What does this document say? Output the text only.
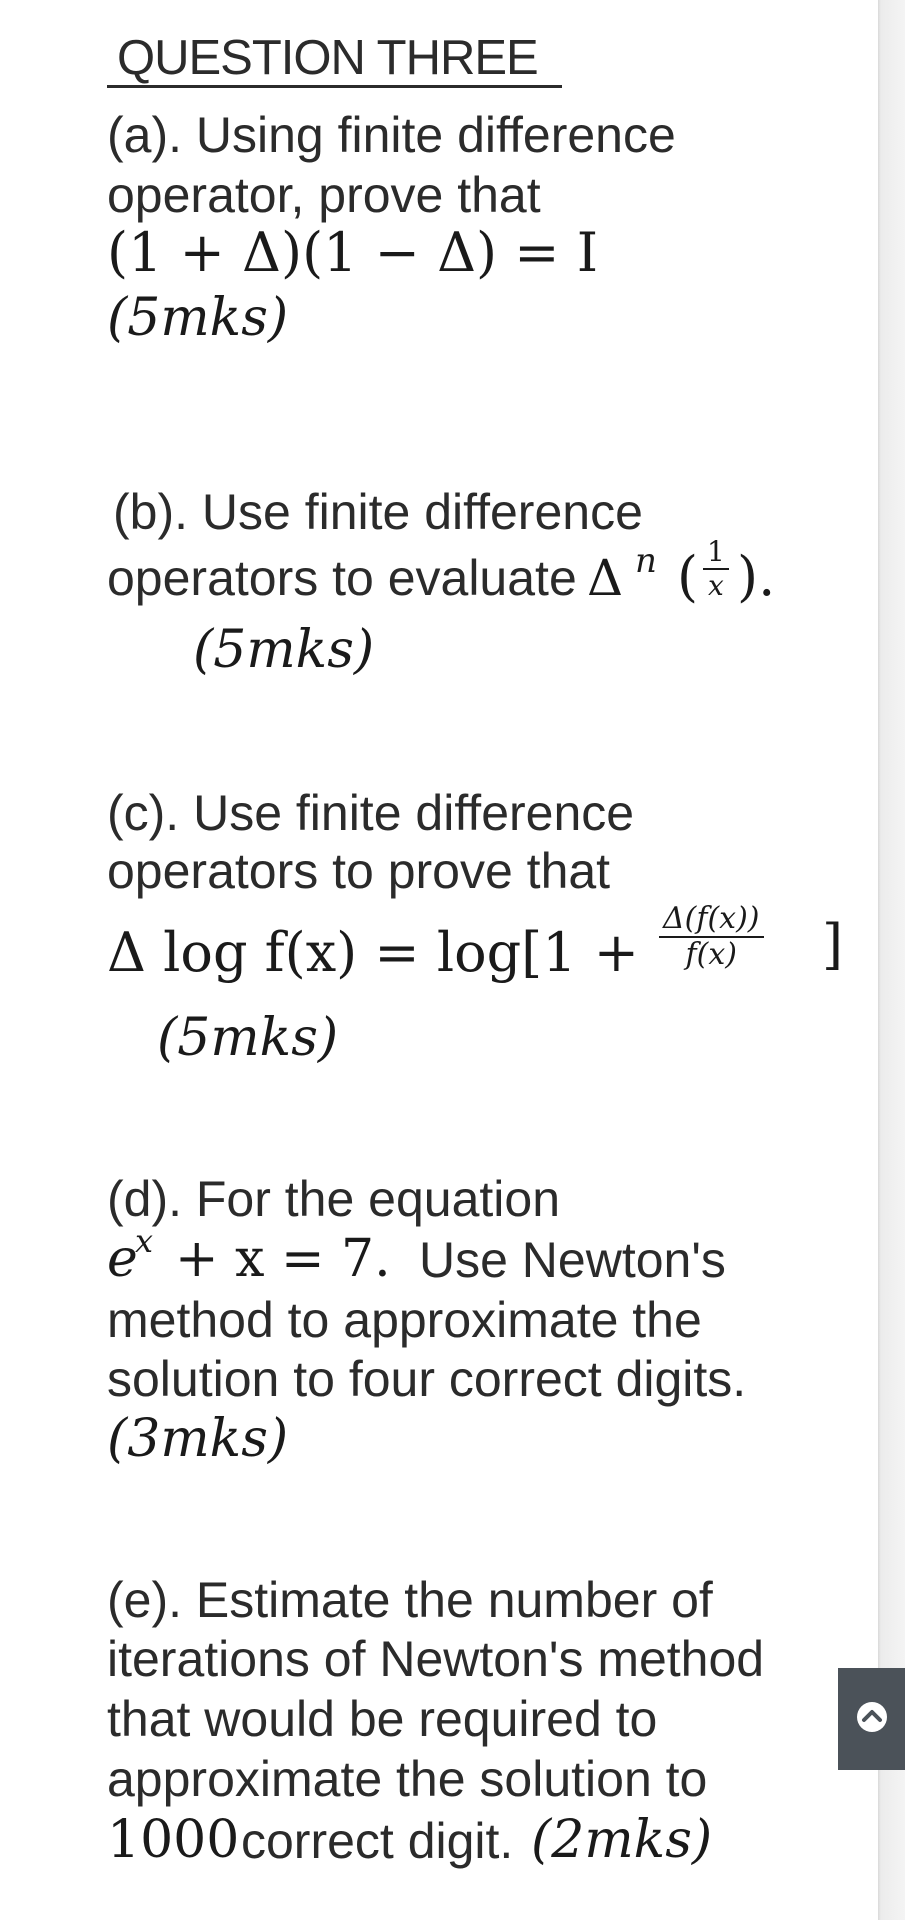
QUESTION THREE
(a). Using finite difference
operator, prove that
(1 + Δ)(1 − Δ) = I
(5mks)
(b). Use finite difference
operators to evaluate Δ n ( $\frac{1}{x}$ ).
(5mks)
(c). Use finite difference
operators to prove that
Δ $\log f(x) = \log[1 + \frac{\Delta(f(x))}{f(x)}$ ]
(5mks)
(d). For the equation
e
x + x = 7. Use Newton's
method to approximate the
solution to four correct digits.
(3mks)
(e). Estimate the number of
iterations of Newton's method
that would be required to
approximate the solution to
1000 correct digit. (2mks)
